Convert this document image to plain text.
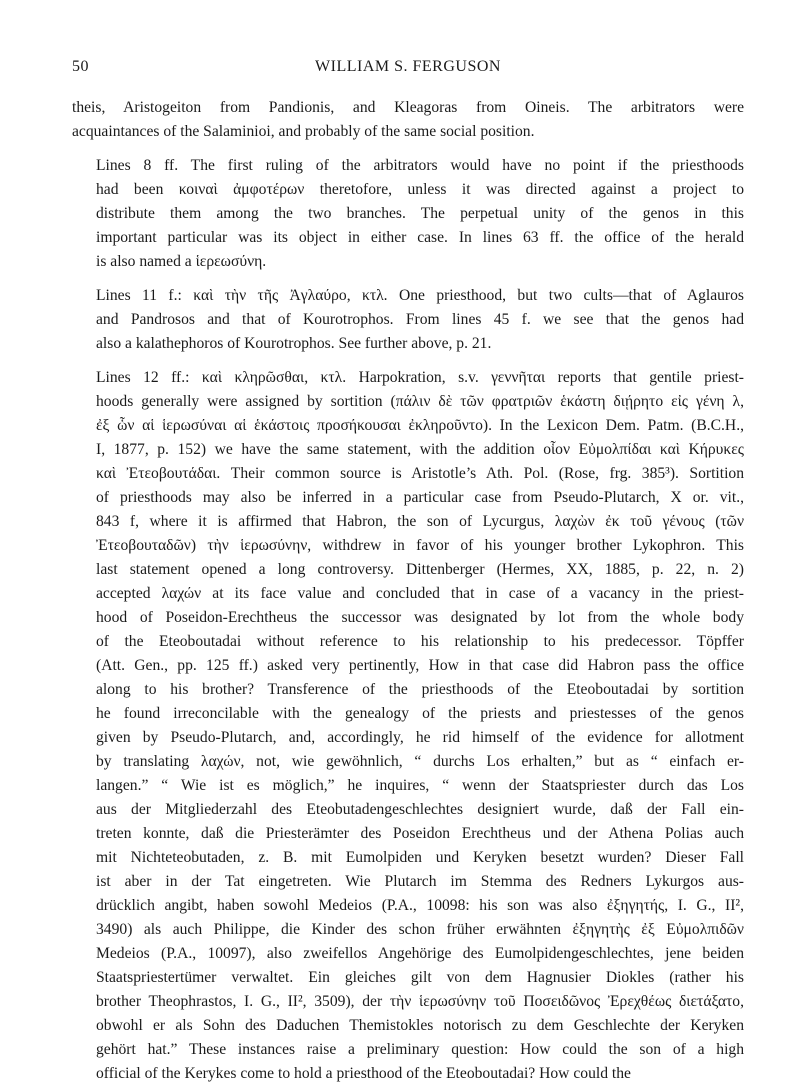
50	WILLIAM S. FERGUSON

theis, Aristogeiton from Pandionis, and Kleagoras from Oineis. The arbitrators were
acquaintances of the Salaminioi, and probably of the same social position.

Lines 8 ff. The first ruling of the arbitrators would have no point if the priesthoods
had been κοιναὶ ἀμφοτέρων theretofore, unless it was directed against a project to
distribute them among the two branches. The perpetual unity of the genos in this
important particular was its object in either case. In lines 63 ff. the office of the herald
is also named a ἱερεωσύνη.

Lines 11 f.: καὶ τὴν τῆς Ἀγλαύρο, κτλ. One priesthood, but two cults—that of Aglauros
and Pandrosos and that of Kourotrophos. From lines 45 f. we see that the genos had
also a kalathephoros of Kourotrophos. See further above, p. 21.

Lines 12 ff.: καὶ κληρῶσθαι, κτλ. Harpokration, s.v. γεννῆται reports that gentile priest-
hoods generally were assigned by sortition (πάλιν δὲ τῶν φρατριῶν ἑκάστη διῄρητο εἰς γένη λ,
ἐξ ὧν αἱ ἱερωσύναι αἱ ἑκάστοις προσήκουσαι ἐκληροῦντο). In the Lexicon Dem. Patm. (B.C.H.,
I, 1877, p. 152) we have the same statement, with the addition οἷον Εὐμολπίδαι καὶ Κήρυκες
καὶ Ἐτεοβουτάδαι. Their common source is Aristotle’s Ath. Pol. (Rose, frg. 385³). Sortition
of priesthoods may also be inferred in a particular case from Pseudo-Plutarch, X or. vit.,
843 f, where it is affirmed that Habron, the son of Lycurgus, λαχὼν ἐκ τοῦ γένους (τῶν
Ἐτεοβουταδῶν) τὴν ἱερωσύνην, withdrew in favor of his younger brother Lykophron. This
last statement opened a long controversy. Dittenberger (Hermes, XX, 1885, p. 22, n. 2)
accepted λαχών at its face value and concluded that in case of a vacancy in the priest-
hood of Poseidon-Erechtheus the successor was designated by lot from the whole body
of the Eteoboutadai without reference to his relationship to his predecessor. Töpffer
(Att. Gen., pp. 125 ff.) asked very pertinently, How in that case did Habron pass the office
along to his brother? Transference of the priesthoods of the Eteoboutadai by sortition
he found irreconcilable with the genealogy of the priests and priestesses of the genos
given by Pseudo-Plutarch, and, accordingly, he rid himself of the evidence for allotment
by translating λαχών, not, wie gewöhnlich, “ durchs Los erhalten,” but as “ einfach er-
langen.” “ Wie ist es möglich,” he inquires, “ wenn der Staatspriester durch das Los
aus der Mitgliederzahl des Eteobutadengeschlechtes designiert wurde, daß der Fall ein-
treten konnte, daß die Priesterämter des Poseidon Erechtheus und der Athena Polias auch
mit Nichteteobutaden, z. B. mit Eumolpiden und Keryken besetzt wurden? Dieser Fall
ist aber in der Tat eingetreten. Wie Plutarch im Stemma des Redners Lykurgos aus-
drücklich angibt, haben sowohl Medeios (P.A., 10098: his son was also ἐξηγητής, I. G., II²,
3490) als auch Philippe, die Kinder des schon früher erwähnten ἐξηγητὴς ἐξ Εὐμολπιδῶν
Medeios (P.A., 10097), also zweifellos Angehörige des Eumolpidengeschlechtes, jene beiden
Staatspriestertümer verwaltet. Ein gleiches gilt von dem Hagnusier Diokles (rather his
brother Theophrastos, I. G., II², 3509), der τὴν ἱερωσύνην τοῦ Ποσειδῶνος Ἐρεχθέως διετάξατο,
obwohl er als Sohn des Daduchen Themistokles notorisch zu dem Geschlechte der Keryken
gehört hat.” These instances raise a preliminary question: How could the son of a high
official of the Kerykes come to hold a priesthood of the Eteoboutadai? How could the
